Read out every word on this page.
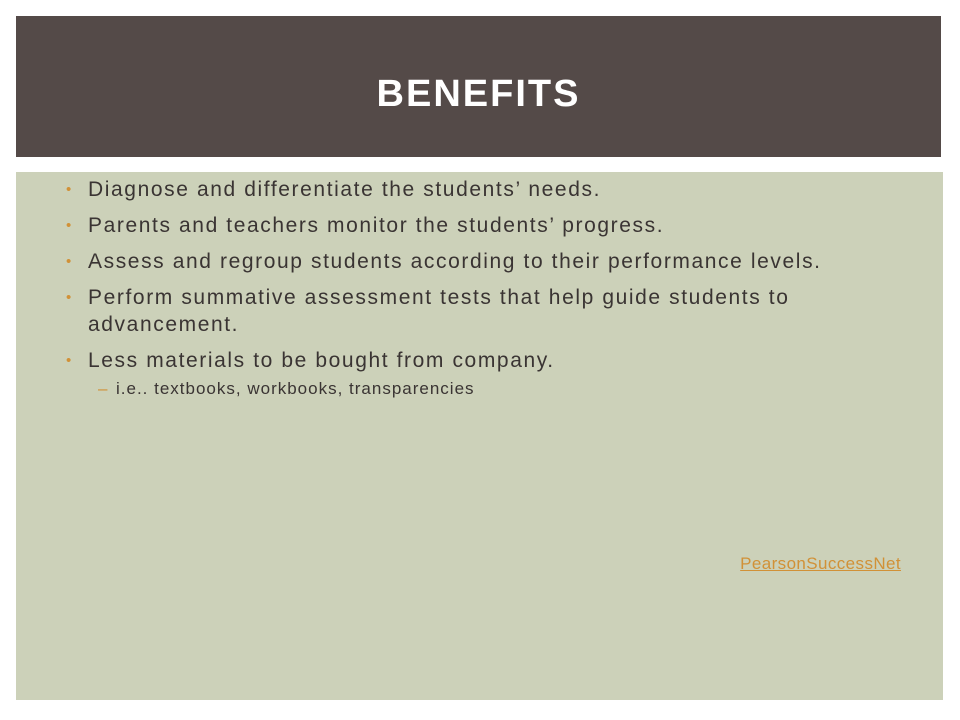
BENEFITS
• Diagnose and differentiate the students’ needs.
• Parents and teachers monitor the students’ progress.
• Assess and regroup students according to their performance levels.
• Perform summative assessment tests that help guide students to advancement.
• Less materials to be bought from company.
– i.e.. textbooks, workbooks, transparencies
PearsonSuccessNet
